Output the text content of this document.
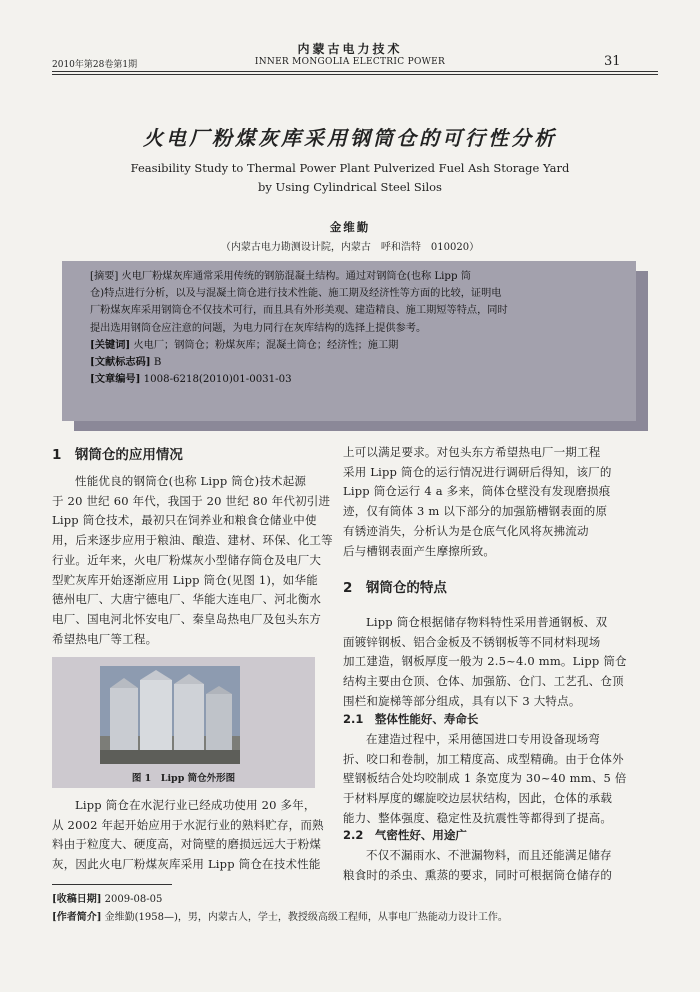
内蒙古电力技术
INNER MONGOLIA ELECTRIC POWER
2010年第28卷第1期	31
火电厂粉煤灰库采用钢筒仓的可行性分析
Feasibility Study to Thermal Power Plant Pulverized Fuel Ash Storage Yard
by Using Cylindrical Steel Silos
金维勤
（内蒙古电力勘测设计院，内蒙古　呼和浩特　010020）
[摘要] 火电厂粉煤灰库通常采用传统的钢筋混凝土结构。通过对钢筒仓(也称 Lipp 筒
仓)特点进行分析，以及与混凝土筒仓进行技术性能、施工期及经济性等方面的比较，证明电
厂粉煤灰库采用钢筒仓不仅技术可行，而且具有外形美观、建造精良、施工期短等特点，同时
提出选用钢筒仓应注意的问题，为电力同行在灰库结构的选择上提供参考。
[关键词] 火电厂；钢筒仓；粉煤灰库；混凝土筒仓；经济性；施工期
[文献标志码] B
[文章编号] 1008-6218(2010)01-0031-03
1　钢筒仓的应用情况
性能优良的钢筒仓(也称 Lipp 筒仓)技术起源
于 20 世纪 60 年代，我国于 20 世纪 80 年代初引进
Lipp 筒仓技术，最初只在饲养业和粮食仓储业中使
用，后来逐步应用于粮油、酿造、建材、环保、化工等
行业。近年来，火电厂粉煤灰小型储存筒仓及电厂大
型贮灰库开始逐渐应用 Lipp 筒仓(见图 1)，如华能
德州电厂、大唐宁德电厂、华能大连电厂、河北衡水
电厂、国电河北怀安电厂、秦皇岛热电厂及包头东方
希望热电厂等工程。
图 1　Lipp 筒仓外形图
Lipp 筒仓在水泥行业已经成功使用 20 多年，
从 2002 年起开始应用于水泥行业的熟料贮存，而熟
料由于粒度大、硬度高，对筒壁的磨损远远大于粉煤
灰，因此火电厂粉煤灰库采用 Lipp 筒仓在技术性能
上可以满足要求。对包头东方希望热电厂一期工程
采用 Lipp 筒仓的运行情况进行调研后得知，该厂的
Lipp 筒仓运行 4 a 多来，筒体仓壁没有发现磨损痕
迹，仅有筒体 3 m 以下部分的加强筋槽钢表面的原
有锈迹消失，分析认为是仓底气化风将灰拂流动
后与槽钢表面产生摩擦所致。
2　钢筒仓的特点
Lipp 筒仓根据储存物料特性采用普通钢板、双
面镀锌钢板、铝合金板及不锈钢板等不同材料现场
加工建造，钢板厚度一般为 2.5~4.0 mm。Lipp 筒仓
结构主要由仓顶、仓体、加强筋、仓门、工艺孔、仓顶
围栏和旋梯等部分组成，具有以下 3 大特点。
2.1　整体性能好、寿命长
在建造过程中，采用德国进口专用设备现场弯
折、咬口和卷制，加工精度高、成型精确。由于仓体外
壁钢板结合处均咬制成 1 条宽度为 30~40 mm、5 倍
于材料厚度的螺旋咬边层状结构，因此，仓体的承载
能力、整体强度、稳定性及抗震性等都得到了提高。
2.2　气密性好、用途广
不仅不漏雨水、不泄漏物料，而且还能满足储存
粮食时的杀虫、熏蒸的要求，同时可根据筒仓储存的
[收稿日期] 2009-08-05
[作者简介] 金维勤(1958—)，男，内蒙古人，学士，教授级高级工程师，从事电厂热能动力设计工作。
